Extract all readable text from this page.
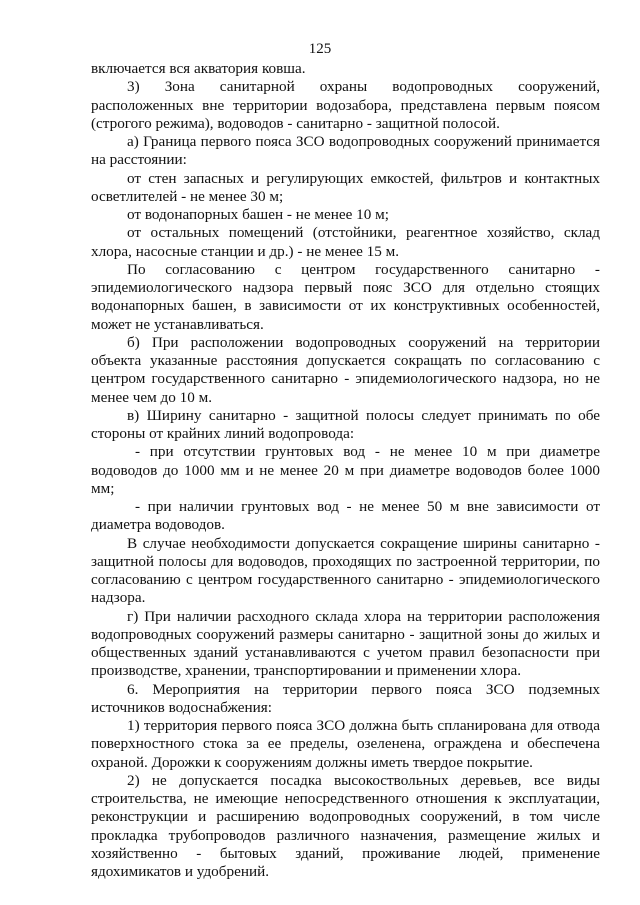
125

включается вся акватория ковша.

3) Зона санитарной охраны водопроводных сооружений, расположенных вне территории водозабора, представлена первым поясом (строгого режима), водоводов - санитарно - защитной полосой.

а) Граница первого пояса ЗСО водопроводных сооружений принимается на расстоянии:

от стен запасных и регулирующих емкостей, фильтров и контактных осветлителей - не менее 30 м;

от водонапорных башен - не менее 10 м;

от остальных помещений (отстойники, реагентное хозяйство, склад хлора, насосные станции и др.) - не менее 15 м.

По согласованию с центром государственного санитарно - эпидемиологического надзора первый пояс ЗСО для отдельно стоящих водонапорных башен, в зависимости от их конструктивных особенностей, может не устанавливаться.

б) При расположении водопроводных сооружений на территории объекта указанные расстояния допускается сокращать по согласованию с центром государственного санитарно - эпидемиологического надзора, но не менее чем до 10 м.

в) Ширину санитарно - защитной полосы следует принимать по обе стороны от крайних линий водопровода:

- при отсутствии грунтовых вод - не менее 10 м при диаметре водоводов до 1000 мм и не менее 20 м при диаметре водоводов более 1000 мм;

- при наличии грунтовых вод - не менее 50 м вне зависимости от диаметра водоводов.

В случае необходимости допускается сокращение ширины санитарно - защитной полосы для водоводов, проходящих по застроенной территории, по согласованию с центром государственного санитарно - эпидемиологического надзора.

г) При наличии расходного склада хлора на территории расположения водопроводных сооружений размеры санитарно - защитной зоны до жилых и общественных зданий устанавливаются с учетом правил безопасности при производстве, хранении, транспортировании и применении хлора.

6. Мероприятия на территории первого пояса ЗСО подземных источников водоснабжения:

1) территория первого пояса ЗСО должна быть спланирована для отвода поверхностного стока за ее пределы, озеленена, ограждена и обеспечена охраной. Дорожки к сооружениям должны иметь твердое покрытие.

2) не допускается посадка высокоствольных деревьев, все виды строительства, не имеющие непосредственного отношения к эксплуатации, реконструкции и расширению водопроводных сооружений, в том числе прокладка трубопроводов различного назначения, размещение жилых и хозяйственно - бытовых зданий, проживание людей, применение ядохимикатов и удобрений.
